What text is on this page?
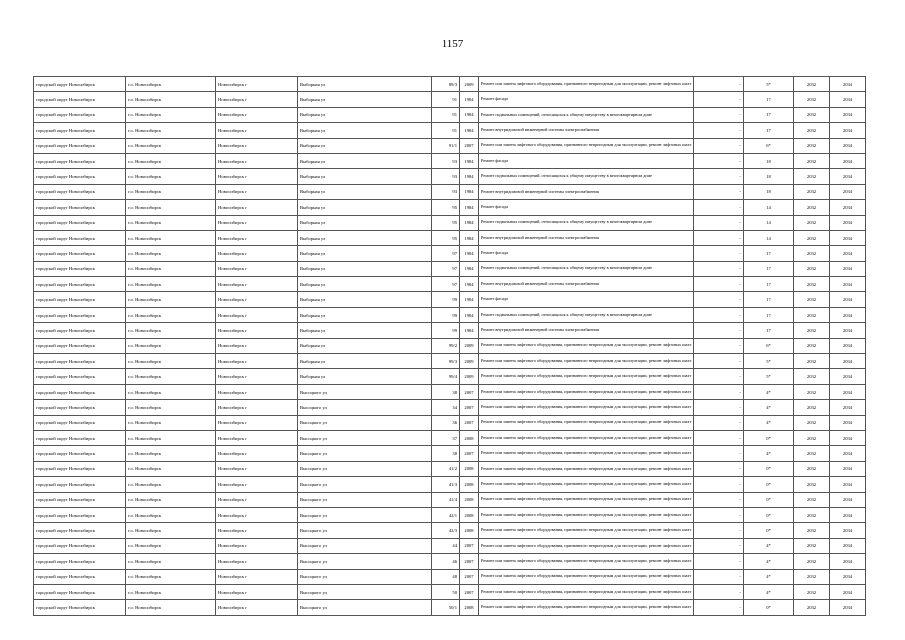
1157
городской округ Новосибирск	г.о. Новосибирск	Новосибирск г	Выборная ул	89/3	2009	Ремонт или замена лифтового оборудования, признанного непригодным для эксплуатации, ремонт лифтовых шахт	-	5*	2032	2034
городской округ Новосибирск	г.о. Новосибирск	Новосибирск г	Выборная ул	91	1984	Ремонт фасада	-	17	2032	2034
городской округ Новосибирск	г.о. Новосибирск	Новосибирск г	Выборная ул	91	1984	Ремонт подвальных помещений, относящихся к общему имуществу в многоквартирном доме	-	17	2032	2034
городской округ Новосибирск	г.о. Новосибирск	Новосибирск г	Выборная ул	91	1984	Ремонт внутридомовой инженерной системы электроснабжения	-	17	2032	2034
городской округ Новосибирск	г.о. Новосибирск	Новосибирск г	Выборная ул	91/1	2007	Ремонт или замена лифтового оборудования, признанного непригодным для эксплуатации, ремонт лифтовых шахт	-	6*	2032	2034
городской округ Новосибирск	г.о. Новосибирск	Новосибирск г	Выборная ул	93	1984	Ремонт фасада	-	18	2032	2034
городской округ Новосибирск	г.о. Новосибирск	Новосибирск г	Выборная ул	93	1984	Ремонт подвальных помещений, относящихся к общему имуществу в многоквартирном доме	-	18	2032	2034
городской округ Новосибирск	г.о. Новосибирск	Новосибирск г	Выборная ул	93	1984	Ремонт внутридомовой инженерной системы электроснабжения	-	18	2032	2034
городской округ Новосибирск	г.о. Новосибирск	Новосибирск г	Выборная ул	95	1984	Ремонт фасада	-	14	2032	2034
городской округ Новосибирск	г.о. Новосибирск	Новосибирск г	Выборная ул	95	1984	Ремонт подвальных помещений, относящихся к общему имуществу в многоквартирном доме	-	14	2032	2034
городской округ Новосибирск	г.о. Новосибирск	Новосибирск г	Выборная ул	95	1984	Ремонт внутридомовой инженерной системы электроснабжения	-	14	2032	2034
городской округ Новосибирск	г.о. Новосибирск	Новосибирск г	Выборная ул	97	1984	Ремонт фасада	-	17	2032	2034
городской округ Новосибирск	г.о. Новосибирск	Новосибирск г	Выборная ул	97	1984	Ремонт подвальных помещений, относящихся к общему имуществу в многоквартирном доме	-	17	2032	2034
городской округ Новосибирск	г.о. Новосибирск	Новосибирск г	Выборная ул	97	1984	Ремонт внутридомовой инженерной системы электроснабжения	-	17	2032	2034
городской округ Новосибирск	г.о. Новосибирск	Новосибирск г	Выборная ул	99	1984	Ремонт фасада	-	17	2032	2034
городской округ Новосибирск	г.о. Новосибирск	Новосибирск г	Выборная ул	99	1984	Ремонт подвальных помещений, относящихся к общему имуществу в многоквартирном доме	-	17	2032	2034
городской округ Новосибирск	г.о. Новосибирск	Новосибирск г	Выборная ул	99	1984	Ремонт внутридомовой инженерной системы электроснабжения	-	17	2032	2034
городской округ Новосибирск	г.о. Новосибирск	Новосибирск г	Выборная ул	99/2	2009	Ремонт или замена лифтового оборудования, признанного непригодным для эксплуатации, ремонт лифтовых шахт	-	6*	2032	2034
городской округ Новосибирск	г.о. Новосибирск	Новосибирск г	Выборная ул	99/3	2009	Ремонт или замена лифтового оборудования, признанного непригодным для эксплуатации, ремонт лифтовых шахт	-	5*	2032	2034
городской округ Новосибирск	г.о. Новосибирск	Новосибирск г	Выборная ул	99/4	2009	Ремонт или замена лифтового оборудования, признанного непригодным для эксплуатации, ремонт лифтовых шахт	-	5*	2032	2034
городской округ Новосибирск	г.о. Новосибирск	Новосибирск г	Высоцкого ул	38	2007	Ремонт или замена лифтового оборудования, признанного непригодным для эксплуатации, ремонт лифтовых шахт	-	4*	2032	2034
городской округ Новосибирск	г.о. Новосибирск	Новосибирск г	Высоцкого ул	34	2007	Ремонт или замена лифтового оборудования, признанного непригодным для эксплуатации, ремонт лифтовых шахт	-	4*	2032	2034
городской округ Новосибирск	г.о. Новосибирск	Новосибирск г	Высоцкого ул	36	2007	Ремонт или замена лифтового оборудования, признанного непригодным для эксплуатации, ремонт лифтовых шахт	-	4*	2032	2034
городской округ Новосибирск	г.о. Новосибирск	Новосибирск г	Высоцкого ул	37	2008	Ремонт или замена лифтового оборудования, признанного непригодным для эксплуатации, ремонт лифтовых шахт	-	0*	2032	2034
городской округ Новосибирск	г.о. Новосибирск	Новосибирск г	Высоцкого ул	38	2007	Ремонт или замена лифтового оборудования, признанного непригодным для эксплуатации, ремонт лифтовых шахт	-	4*	2032	2034
городской округ Новосибирск	г.о. Новосибирск	Новосибирск г	Высоцкого ул	41/2	2008	Ремонт или замена лифтового оборудования, признанного непригодным для эксплуатации, ремонт лифтовых шахт	-	0*	2032	2034
городской округ Новосибирск	г.о. Новосибирск	Новосибирск г	Высоцкого ул	41/3	2008	Ремонт или замена лифтового оборудования, признанного непригодным для эксплуатации, ремонт лифтовых шахт	-	0*	2032	2034
городской округ Новосибирск	г.о. Новосибирск	Новосибирск г	Высоцкого ул	41/4	2008	Ремонт или замена лифтового оборудования, признанного непригодным для эксплуатации, ремонт лифтовых шахт	-	0*	2032	2034
городской округ Новосибирск	г.о. Новосибирск	Новосибирск г	Высоцкого ул	42/1	2008	Ремонт или замена лифтового оборудования, признанного непригодным для эксплуатации, ремонт лифтовых шахт	-	0*	2032	2034
городской округ Новосибирск	г.о. Новосибирск	Новосибирск г	Высоцкого ул	42/3	2008	Ремонт или замена лифтового оборудования, признанного непригодным для эксплуатации, ремонт лифтовых шахт	-	0*	2032	2034
городской округ Новосибирск	г.о. Новосибирск	Новосибирск г	Высоцкого ул	44	2007	Ремонт или замена лифтового оборудования, признанного непригодным для эксплуатации, ремонт лифтовых шахт	-	4*	2032	2034
городской округ Новосибирск	г.о. Новосибирск	Новосибирск г	Высоцкого ул	46	2007	Ремонт или замена лифтового оборудования, признанного непригодным для эксплуатации, ремонт лифтовых шахт	-	4*	2032	2034
городской округ Новосибирск	г.о. Новосибирск	Новосибирск г	Высоцкого ул	48	2007	Ремонт или замена лифтового оборудования, признанного непригодным для эксплуатации, ремонт лифтовых шахт	-	4*	2032	2034
городской округ Новосибирск	г.о. Новосибирск	Новосибирск г	Высоцкого ул	50	2007	Ремонт или замена лифтового оборудования, признанного непригодным для эксплуатации, ремонт лифтовых шахт	-	4*	2032	2034
городской округ Новосибирск	г.о. Новосибирск	Новосибирск г	Высоцкого ул	50/1	2008	Ремонт или замена лифтового оборудования, признанного непригодным для эксплуатации, ремонт лифтовых шахт	-	0*	2032	2034
